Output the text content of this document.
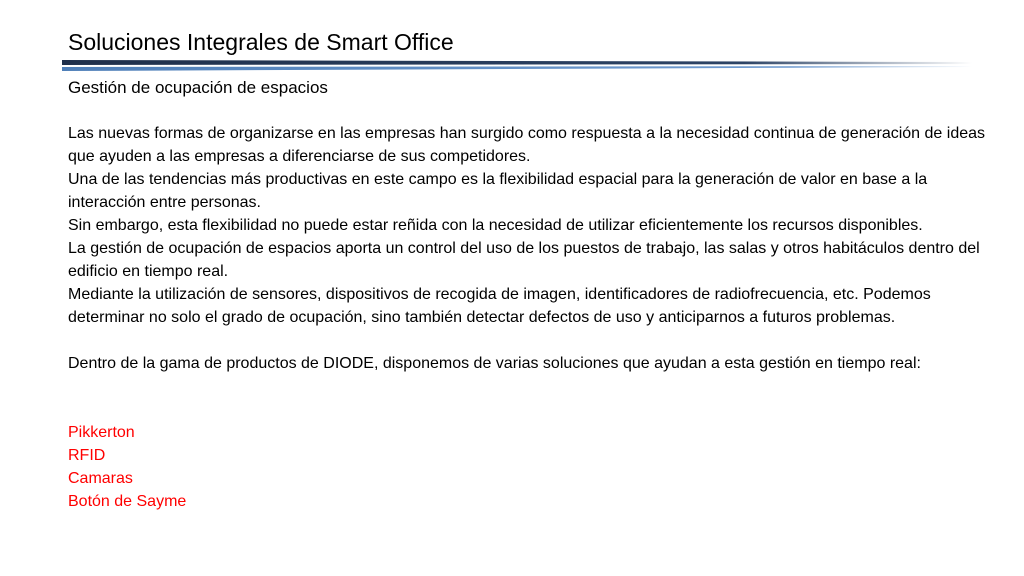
Soluciones Integrales de Smart Office
Gestión de ocupación de espacios

Las nuevas formas de organizarse en las empresas han surgido como respuesta a la necesidad continua de generación de ideas que ayuden a las empresas a diferenciarse de sus competidores.

Una de las tendencias más productivas en este campo es la flexibilidad espacial para la generación de valor en base a la interacción entre personas.

Sin embargo, esta flexibilidad no puede estar reñida con la necesidad de utilizar eficientemente los recursos disponibles.

La gestión de ocupación de espacios aporta un control del uso de los puestos de trabajo, las salas y otros habitáculos dentro del edificio en tiempo real.

Mediante la utilización de sensores, dispositivos de recogida de imagen, identificadores de radiofrecuencia, etc. Podemos determinar no solo el grado de ocupación, sino también detectar defectos de uso y anticiparnos a futuros problemas.

Dentro de la gama de productos de DIODE, disponemos de varias soluciones que ayudan a esta gestión en tiempo real:

Pikkerton

RFID

Camaras

Botón de Sayme
